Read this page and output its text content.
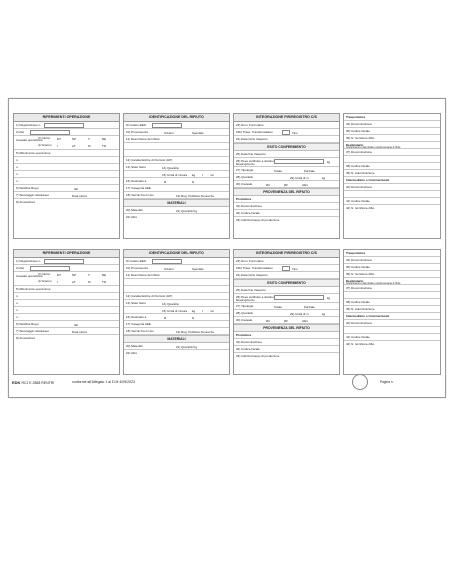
RIFERIMENTI OPERAZIONE
1) Registrazione n.
2) Del
Causale operazione
3) Carico DT	NP	T	RE
4) Scarico I	aT	M	TR
5) Riferimento operazione
n.
n.
n.
n.
6) Rettifica Reg.n	del
7) Stoccaggio istantaneo	Data carico
8) Annotazioni
IDENTIFICAZIONE DEL RIFIUTO
9) Codice EER
10) Provenienza	Urbano	Speciale
11) Descrizione del rifiuto
12) Caratteristiche di Pericolo (HP)
13) Stato fisico	14) Quantità
15) Unità di misura kg l mc
16) Destinato a	R	D
17) Categoria AEE
18) Veicoli Fuori Uso	19) Reg. Pubblica Sicurezza
MATERIALI
20) Materiali	21) Quantità Kg
22) Altro
INTEGRAZIONE FIR/REGISTRO C/S
23) Num. Formulario
23b) Trasp. Transfrontaliero	Tipo
24) Data inizio trasporto
ESITO CONFERIMENTO
25) Data fine trasporto
26) Peso verificato a destino
Respingimento	kg
27) Tipologia	Totale	Parziale
28) Quantità	29) Unità di m.	kg
30) Causale	RC	RF	Altro
PROVENIENZA DEL RIFIUTO
Produttore
31) Denominazione
32) Codice fiscale
33) Indirizzo/luogo di produzione
Trasportatore
34) Denominazione
35) Codice fiscale
36) N. Iscrizione Albo
Destinatario
Conferimento a vita privata o nostra ricevente il rifiuto
37) Denominazione
38) Codice fiscale
39) N. Autorizzazione
Intermediario o Commerciante
40) Denominazione
41) Codice fiscale
42) N. Iscrizione Albo
RIFERIMENTI OPERAZIONE
1) Registrazione n.
2) Del
Causale operazione
3) Carico DT	NP	T	RE
4) Scarico I	aT	M	TR
5) Riferimento operazione
n.
n.
n.
n.
6) Rettifica Reg.n	del
7) Stoccaggio istantaneo	Data carico
8) Annotazioni
IDENTIFICAZIONE DEL RIFIUTO
9) Codice EER
10) Provenienza	Urbano	Speciale
11) Descrizione del rifiuto
12) Caratteristiche di Pericolo (HP)
13) Stato fisico	14) Quantità
15) Unità di misura kg l mc
16) Destinato a	R	D
17) Categoria AEE
18) Veicoli Fuori Uso	19) Reg. Pubblica Sicurezza
MATERIALI
20) Materiali	21) Quantità Kg
22) Altro
INTEGRAZIONE FIR/REGISTRO C/S
23) Num. Formulario
23b) Trasp. Transfrontaliero	Tipo
24) Data inizio trasporto
ESITO CONFERIMENTO
25) Data fine trasporto
26) Peso verificato a destino
Respingimento	kg
27) Tipologia	Totale	Parziale
28) Quantità	29) Unità di m.	kg
30) Causale	RC	RF	Altro
PROVENIENZA DEL RIFIUTO
Produttore
31) Denominazione
32) Codice fiscale
33) Indirizzo/luogo di produzione
Trasportatore
34) Denominazione
35) Codice fiscale
36) N. Iscrizione Albo
Destinatario
Conferimento a vita privata o nostra ricevente il rifiuto
37) Denominazione
38) Codice fiscale
39) N. Autorizzazione
Intermediario o Commerciante
40) Denominazione
41) Codice fiscale
42) N. Iscrizione Albo
EDK RCJ E 2868 RENTRI	conforme all'Allegato 1 al D.M 4/09/2023	Pagina n.
